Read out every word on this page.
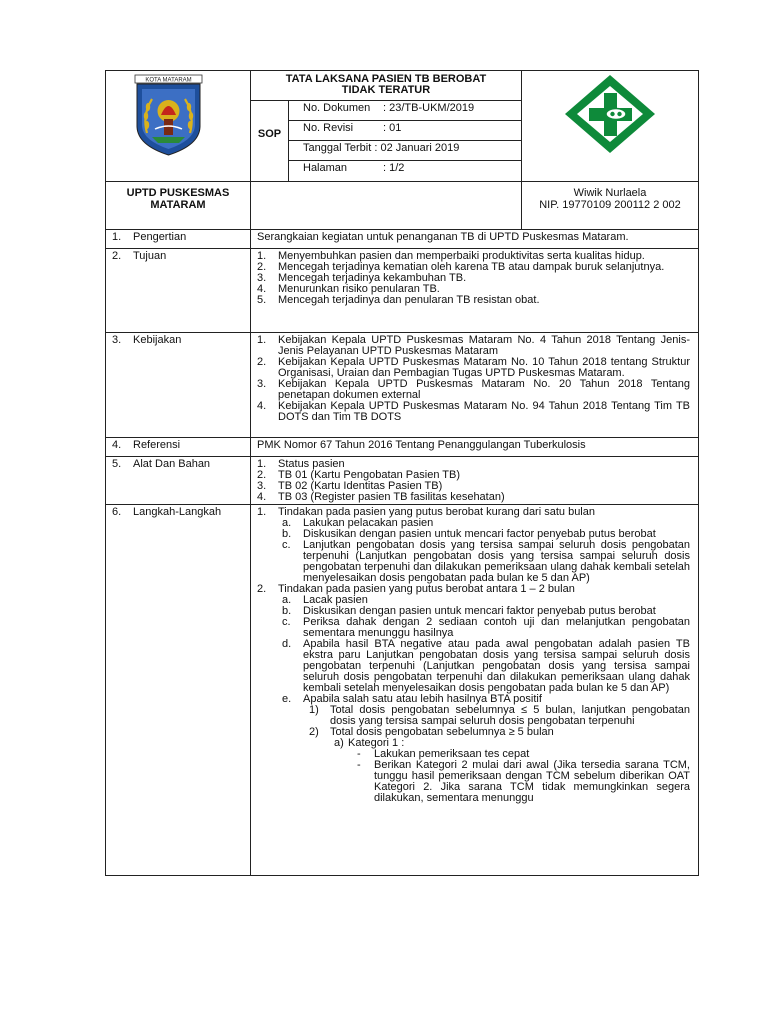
KOTA MATARAM	TATA LAKSANA PASIEN TB BEROBAT
TIDAK TERATUR
SOP
No. Dokumen : 23/TB-UKM/2019
No. Revisi	: 01
Tanggal Terbit : 02 Januari 2019
Halaman	: 1/2
UPTD PUSKESMAS
MATARAM
Wiwik Nurlaela
NIP. 19770109 200112 2 002
1. Pengertian	Serangkaian kegiatan untuk penanganan TB di UPTD Puskesmas Mataram.
2. Tujuan	1. Menyembuhkan pasien dan memperbaiki produktivitas serta kualitas hidup.
2. Mencegah terjadinya kematian oleh karena TB atau dampak buruk selanjutnya.
3. Mencegah terjadinya kekambuhan TB.
4. Menurunkan risiko penularan TB.
5. Mencegah terjadinya dan penularan TB resistan obat.
3. Kebijakan	1. Kebijakan Kepala UPTD Puskesmas Mataram No. 4 Tahun 2018 Tentang Jenis-Jenis Pelayanan UPTD Puskesmas Mataram
2. Kebijakan Kepala UPTD Puskesmas Mataram No. 10 Tahun 2018 tentang Struktur Organisasi, Uraian dan Pembagian Tugas UPTD Puskesmas Mataram.
3. Kebijakan Kepala UPTD Puskesmas Mataram No. 20 Tahun 2018 Tentang penetapan dokumen external
4. Kebijakan Kepala UPTD Puskesmas Mataram No. 94 Tahun 2018 Tentang Tim TB DOTS dan Tim TB DOTS
4. Referensi	PMK Nomor 67 Tahun 2016 Tentang Penanggulangan Tuberkulosis
5. Alat Dan Bahan	1. Status pasien
2. TB 01 (Kartu Pengobatan Pasien TB)
3. TB 02 (Kartu Identitas Pasien TB)
4. TB 03 (Register pasien TB fasilitas kesehatan)
6. Langkah-Langkah	1. Tindakan pada pasien yang putus berobat kurang dari satu bulan
a. Lakukan pelacakan pasien
b. Diskusikan dengan pasien untuk mencari factor penyebab putus berobat
c. Lanjutkan pengobatan dosis yang tersisa sampai seluruh dosis pengobatan terpenuhi (Lanjutkan pengobatan dosis yang tersisa sampai seluruh dosis pengobatan terpenuhi dan dilakukan pemeriksaan ulang dahak kembali setelah menyelesaikan dosis pengobatan pada bulan ke 5 dan AP)
2. Tindakan pada pasien yang putus berobat antara 1 – 2 bulan
a. Lacak pasien
b. Diskusikan dengan pasien untuk mencari faktor penyebab putus berobat
c. Periksa dahak dengan 2 sediaan contoh uji dan melanjutkan pengobatan sementara menunggu hasilnya
d. Apabila hasil BTA negative atau pada awal pengobatan adalah pasien TB ekstra paru Lanjutkan pengobatan dosis yang tersisa sampai seluruh dosis pengobatan terpenuhi (Lanjutkan pengobatan dosis yang tersisa sampai seluruh dosis pengobatan terpenuhi dan dilakukan pemeriksaan ulang dahak kembali setelah menyelesaikan dosis pengobatan pada bulan ke 5 dan AP)
e. Apabila salah satu atau lebih hasilnya BTA positif
1) Total dosis pengobatan sebelumnya ≤ 5 bulan, lanjutkan pengobatan dosis yang tersisa sampai seluruh dosis pengobatan terpenuhi
2) Total dosis pengobatan sebelumnya ≥ 5 bulan
a) Kategori 1 :
- Lakukan pemeriksaan tes cepat
- Berikan Kategori 2 mulai dari awal (Jika tersedia sarana TCM, tunggu hasil pemeriksaan dengan TCM sebelum diberikan OAT Kategori 2. Jika sarana TCM tidak memungkinkan segera dilakukan, sementara menunggu
